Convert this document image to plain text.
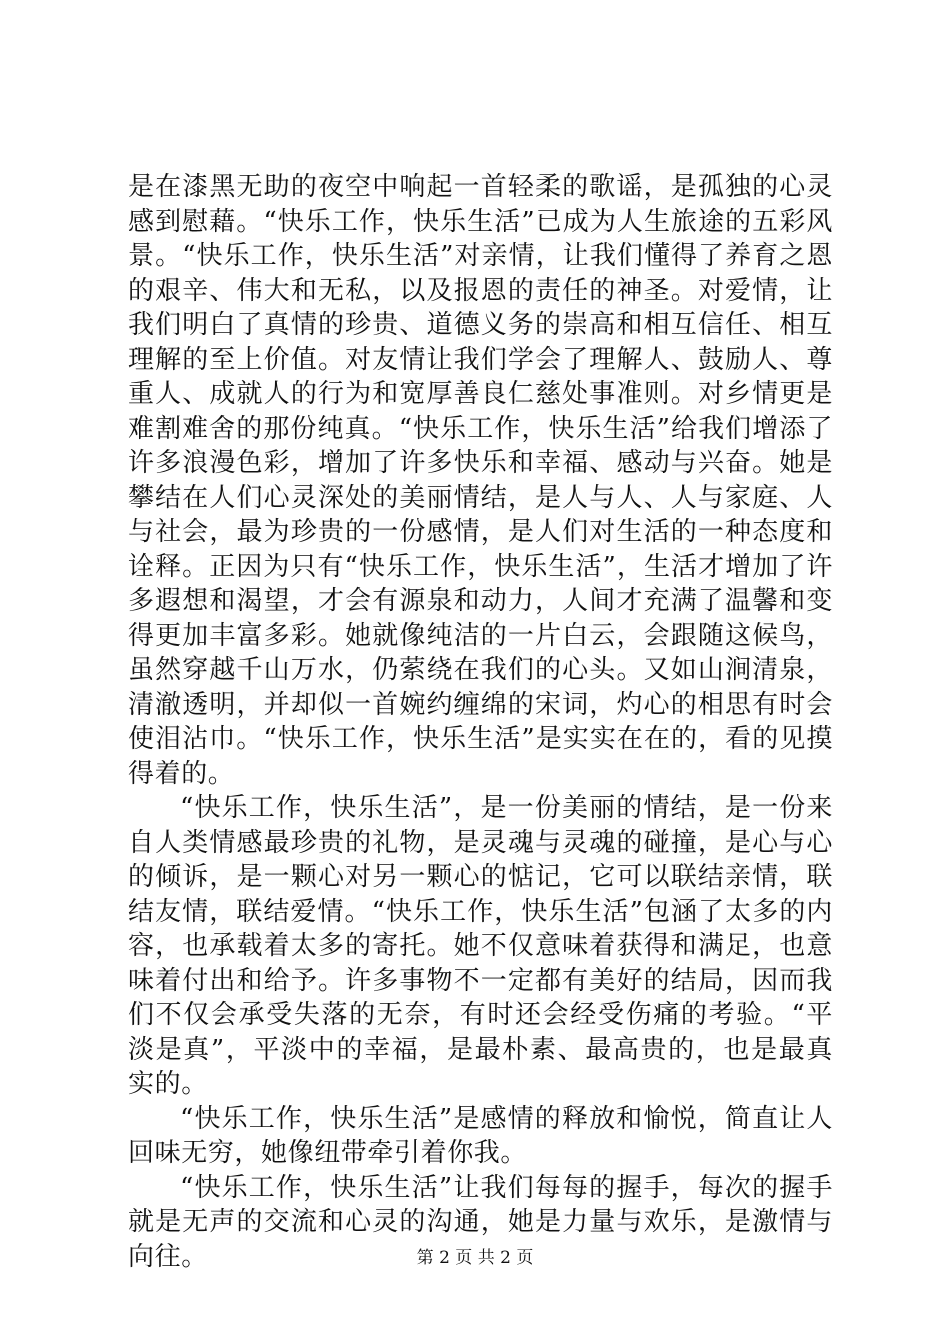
是在漆黑无助的夜空中响起一首轻柔的歌谣，是孤独的心灵感到慰藉。“快乐工作，快乐生活”已成为人生旅途的五彩风景。“快乐工作，快乐生活”对亲情，让我们懂得了养育之恩的艰辛、伟大和无私，以及报恩的责任的神圣。对爱情，让我们明白了真情的珍贵、道德义务的崇高和相互信任、相互理解的至上价值。对友情让我们学会了理解人、鼓励人、尊重人、成就人的行为和宽厚善良仁慈处事准则。对乡情更是难割难舍的那份纯真。“快乐工作，快乐生活”给我们增添了许多浪漫色彩，增加了许多快乐和幸福、感动与兴奋。她是攀结在人们心灵深处的美丽情结，是人与人、人与家庭、人与社会，最为珍贵的一份感情，是人们对生活的一种态度和诠释。正因为只有“快乐工作，快乐生活”，生活才增加了许多遐想和渴望，才会有源泉和动力，人间才充满了温馨和变得更加丰富多彩。她就像纯洁的一片白云，会跟随这候鸟，虽然穿越千山万水，仍萦绕在我们的心头。又如山涧清泉，清澈透明，并却似一首婉约缠绵的宋词，灼心的相思有时会使泪沾巾。“快乐工作，快乐生活”是实实在在的，看的见摸得着的。

“快乐工作，快乐生活”，是一份美丽的情结，是一份来自人类情感最珍贵的礼物，是灵魂与灵魂的碰撞，是心与心的倾诉，是一颗心对另一颗心的惦记，它可以联结亲情，联结友情，联结爱情。“快乐工作，快乐生活”包涵了太多的内容，也承载着太多的寄托。她不仅意味着获得和满足，也意味着付出和给予。许多事物不一定都有美好的结局，因而我们不仅会承受失落的无奈，有时还会经受伤痛的考验。“平淡是真”，平淡中的幸福，是最朴素、最高贵的，也是最真实的。

“快乐工作，快乐生活”是感情的释放和愉悦，简直让人回味无穷，她像纽带牵引着你我。

“快乐工作，快乐生活”让我们每每的握手，每次的握手就是无声的交流和心灵的沟通，她是力量与欢乐，是激情与向往。	第 2 页 共 2 页
